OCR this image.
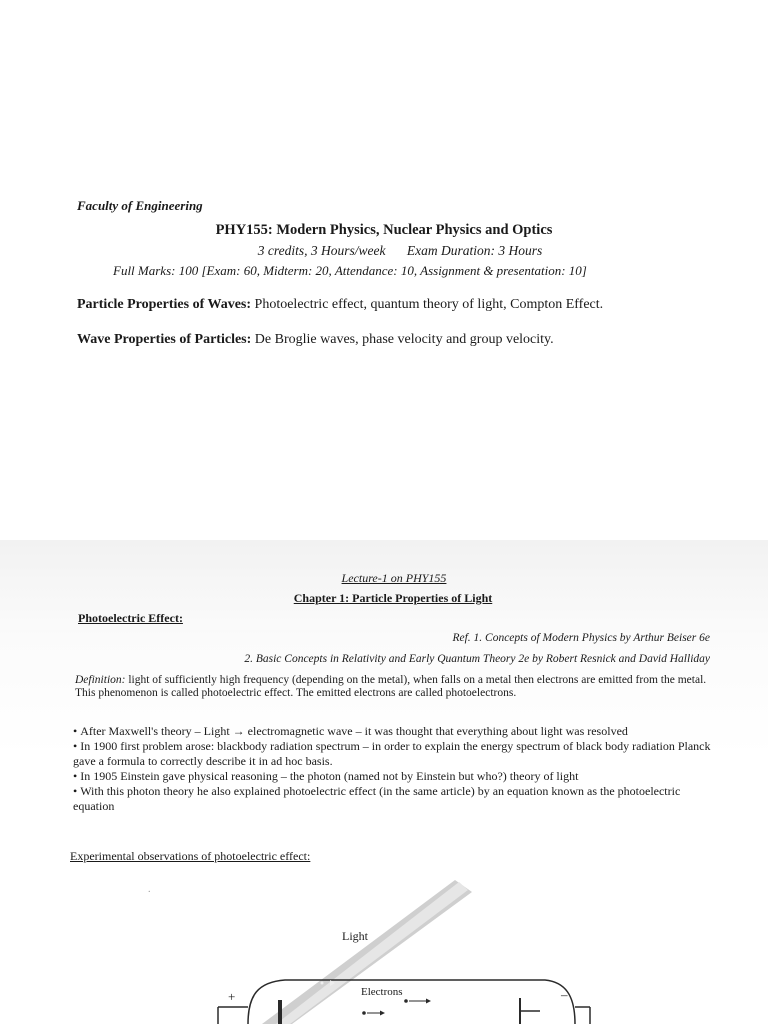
Faculty of Engineering
PHY155: Modern Physics, Nuclear Physics and Optics
3 credits, 3 Hours/week Exam Duration: 3 Hours
Full Marks: 100 [Exam: 60, Midterm: 20, Attendance: 10, Assignment & presentation: 10]
Particle Properties of Waves: Photoelectric effect, quantum theory of light, Compton Effect.
Wave Properties of Particles: De Broglie waves, phase velocity and group velocity.
Lecture-1 on PHY155
Chapter 1: Particle Properties of Light
Photoelectric Effect:
Ref. 1. Concepts of Modern Physics by Arthur Beiser 6e
2. Basic Concepts in Relativity and Early Quantum Theory 2e by Robert Resnick and David Halliday
Definition: light of sufficiently high frequency (depending on the metal), when falls on a metal then electrons are emitted from the metal. This phenomenon is called photoelectric effect. The emitted electrons are called photoelectrons.
• After Maxwell's theory – Light → electromagnetic wave – it was thought that everything about light was resolved
• In 1900 first problem arose: blackbody radiation spectrum – in order to explain the energy spectrum of black body radiation Planck gave a formula to correctly describe it in ad hoc basis.
• In 1905 Einstein gave physical reasoning – the photon (named not by Einstein but who?) theory of light
• With this photon theory he also explained photoelectric effect (in the same article) by an equation known as the photoelectric equation
Experimental observations of photoelectric effect:
.
Light
+	–
Electrons
